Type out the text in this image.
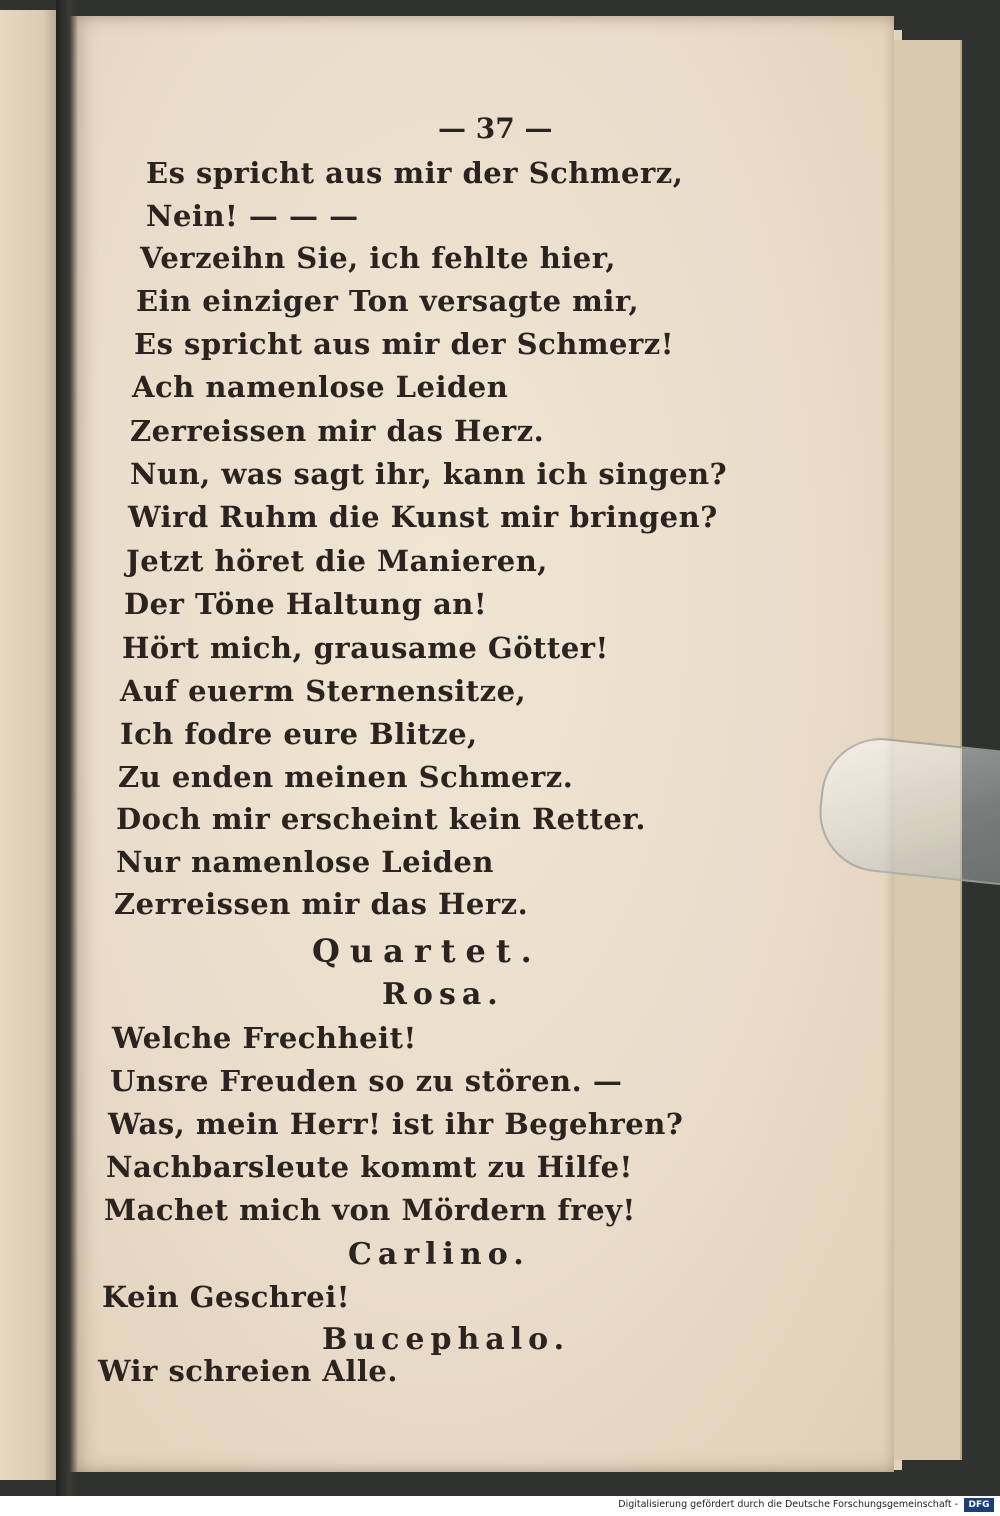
— 37 —
Es spricht aus mir der Schmerz,
Nein! — — —
Verzeihn Sie, ich fehlte hier,
Ein einziger Ton versagte mir,
Es spricht aus mir der Schmerz!
Ach namenlose Leiden
Zerreissen mir das Herz.
Nun, was sagt ihr, kann ich singen?
Wird Ruhm die Kunst mir bringen?
Jetzt höret die Manieren,
Der Töne Haltung an!
Hört mich, grausame Götter!
Auf euerm Sternensitze,
Ich fodre eure Blitze,
Zu enden meinen Schmerz.
Doch mir erscheint kein Retter.
Nur namenlose Leiden
Zerreissen mir das Herz.
Quartet.
Rosa.
Welche Frechheit!
Unsre Freuden so zu stören. —
Was, mein Herr! ist ihr Begehren?
Nachbarsleute kommt zu Hilfe!
Machet mich von Mördern frey!
Carlino.
Kein Geschrei!
Bucephalo.
Wir schreien Alle.
Digitalisierung gefördert durch die Deutsche Forschungsgemeinschaft -	DFG
